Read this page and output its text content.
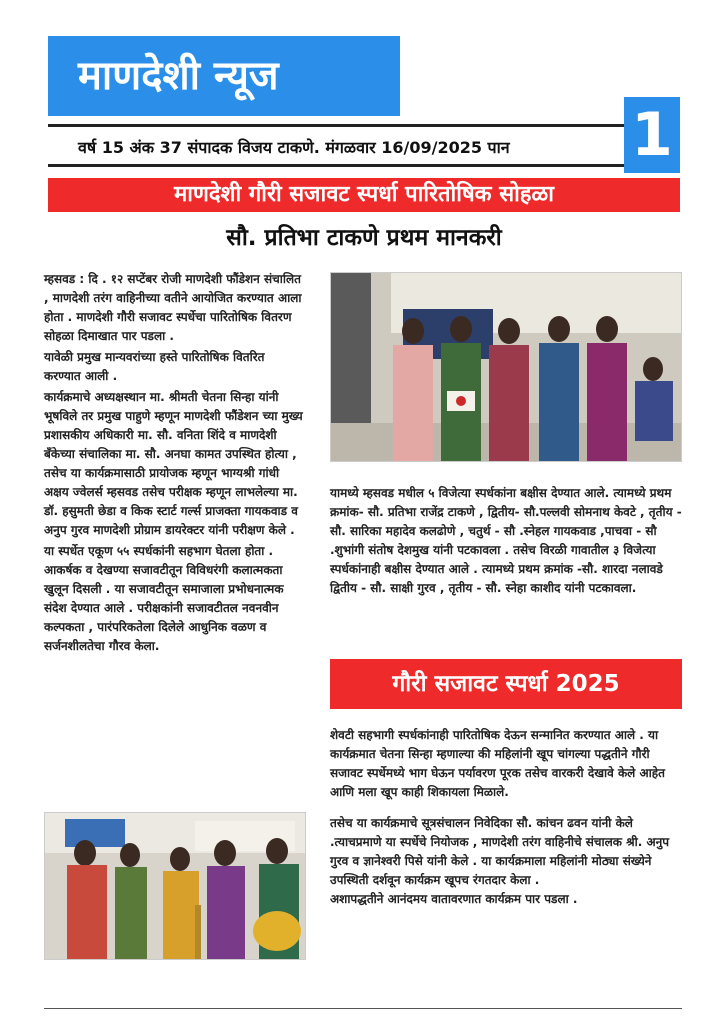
माणदेशी न्यूज
1
वर्ष 15 अंक 37 संपादक विजय टाकणे. मंगळवार 16/09/2025 पान
माणदेशी गौरी सजावट स्पर्धा पारितोषिक सोहळा
सौ. प्रतिभा टाकणे प्रथम मानकरी

म्हसवड : दि . १२ सप्टेंबर रोजी माणदेशी फौंडेशन संचालित , माणदेशी तरंग वाहिनीच्या वतीने आयोजित करण्यात आला होता . माणदेशी गौरी सजावट स्पर्धेचा पारितोषिक वितरण सोहळा दिमाखात पार पडला .

यावेळी प्रमुख मान्यवरांच्या हस्ते पारितोषिक वितरित करण्यात आली .

कार्यक्रमाचे अध्यक्षस्थान मा. श्रीमती चेतना सिन्हा यांनी भूषविले तर प्रमुख पाहुणे म्हणून माणदेशी फौंडेशन च्या मुख्य प्रशासकीय अधिकारी मा. सौ. वनिता शिंदे व माणदेशी बँकेच्या संचालिका मा. सौ. अनघा कामत उपस्थित होत्या , तसेच या कार्यक्रमासाठी प्रायोजक म्हणून भाग्यश्री गांधी अक्षय ज्वेलर्स म्हसवड तसेच परीक्षक म्हणून लाभलेल्या मा. डॉ. हसुमती छेडा व किक स्टार्ट गर्ल्स प्राजक्ता गायकवाड व अनुप गुरव माणदेशी प्रोग्राम डायरेक्टर यांनी परीक्षण केले .

या स्पर्धेत एकूण ५५ स्पर्धकांनी सहभाग घेतला होता . आकर्षक व देखण्या सजावटीतून विविधरंगी कलात्मकता खुलून दिसली . या सजावटीतून समाजाला प्रभोधनात्मक संदेश देण्यात आले . परीक्षकांनी सजावटीतल नवनवीन कल्पकता , पारंपरिकतेला दिलेले आधुनिक वळण व सर्जनशीलतेचा गौरव केला.

यामध्ये म्हसवड मधील ५ विजेत्या स्पर्धकांना बक्षीस देण्यात आले. त्यामध्ये प्रथम क्रमांक- सौ. प्रतिभा राजेंद्र टाकणे , द्वितीय- सौ.पल्लवी सोमनाथ केवटे , तृतीय - सौ. सारिका महादेव कलढोणे , चतुर्थ - सौ .स्नेहल गायकवाड ,पाचवा - सौ .शुभांगी संतोष देशमुख यांनी पटकावला . तसेच विरळी गावातील ३ विजेत्या स्पर्धकांनाही बक्षीस देण्यात आले . त्यामध्ये प्रथम क्रमांक -सौ. शारदा नलावडे द्वितीय - सौ. साक्षी गुरव , तृतीय - सौ. स्नेहा काशीद यांनी पटकावला.

गौरी सजावट स्पर्धा 2025

शेवटी सहभागी स्पर्धकांनाही पारितोषिक देऊन सन्मानित करण्यात आले . या कार्यक्रमात चेतना सिन्हा म्हणाल्या की महिलांनी खूप चांगल्या पद्धतीने गौरी सजावट स्पर्धेमध्ये भाग घेऊन पर्यावरण पूरक तसेच वारकरी देखावे केले आहेत आणि मला खूप काही शिकायला मिळाले.

तसेच या कार्यक्रमाचे सूत्रसंचालन निवेदिका सौ. कांचन ढवन यांनी केले .त्याचप्रमाणे या स्पर्धेचे नियोजक , माणदेशी तरंग वाहिनीचे संचालक श्री. अनुप गुरव व ज्ञानेश्वरी पिसे यांनी केले . या कार्यक्रमाला महिलांनी मोठ्या संख्येने उपस्थिती दर्शवून कार्यक्रम खूपच रंगतदार केला .
अशापद्धतीने आनंदमय वातावरणात कार्यक्रम पार पडला .
